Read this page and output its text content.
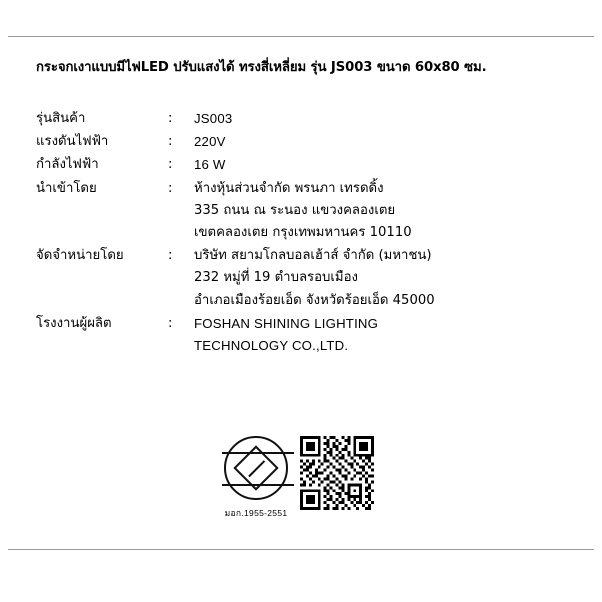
กระจกเงาแบบมีไฟLED ปรับแสงได้ ทรงสี่เหลี่ยม รุ่น JS003 ขนาด 60x80 ซม.
รุ่นสินค้า	:	JS003

แรงดันไฟฟ้า	:	220V

กำลังไฟฟ้า	:	16 W

นำเข้าโดย	:	ห้างหุ้นส่วนจำกัด พรนภา เทรดดิ้ง
335 ถนน ณ ระนอง แขวงคลองเตย
เขตคลองเตย กรุงเทพมหานคร 10110

จัดจำหน่ายโดย	:	บริษัท สยามโกลบอลเฮ้าส์ จำกัด (มหาชน)
232 หมู่ที่ 19 ตำบลรอบเมือง
อำเภอเมืองร้อยเอ็ด จังหวัดร้อยเอ็ด 45000

โรงงานผู้ผลิต	:	FOSHAN SHINING LIGHTING
TECHNOLOGY CO.,LTD.
มอก.1955-2551
